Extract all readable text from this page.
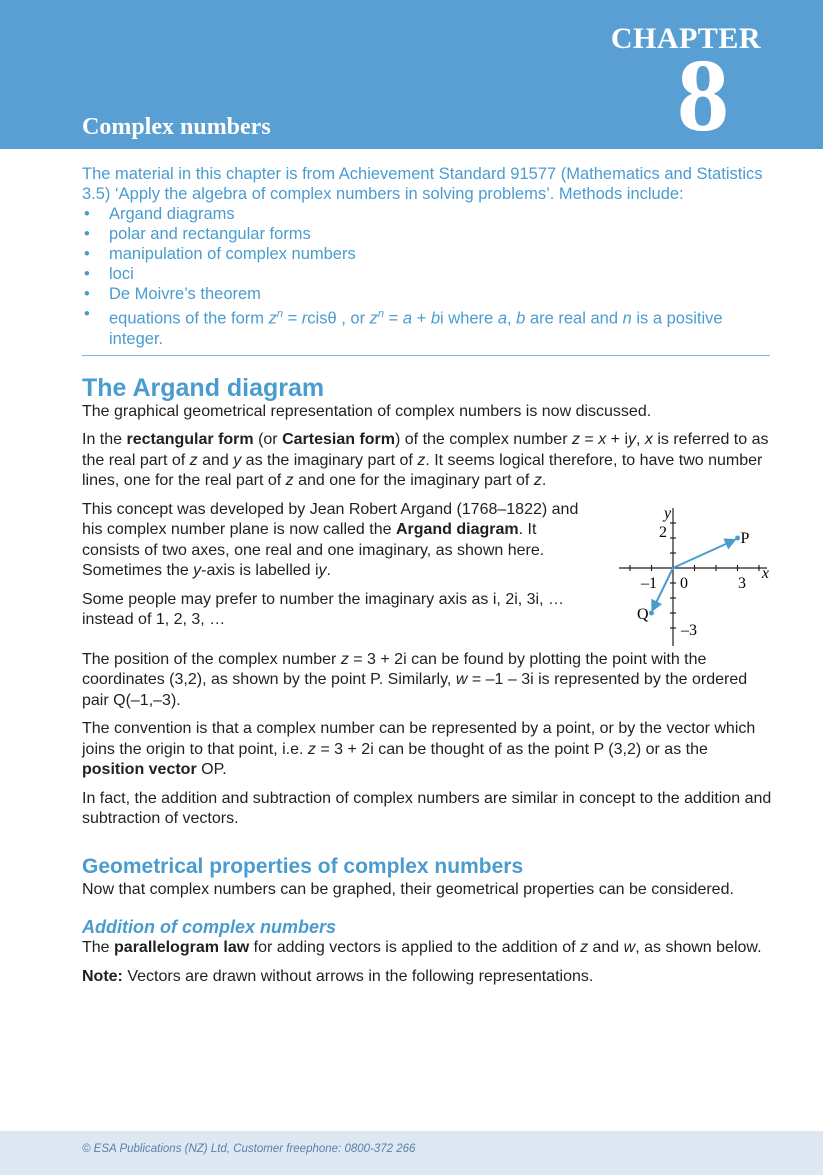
CHAPTER
8
Complex numbers

The material in this chapter is from Achievement Standard 91577 (Mathematics and Statistics 3.5) ‘Apply the algebra of complex numbers in solving problems’. Methods include:

• Argand diagrams
• polar and rectangular forms
• manipulation of complex numbers
• loci
• De Moivre’s theorem
• equations of the form $z^n$ = rcisθ , or $z^n = a$ + bi where a, b are real and n is a positive integer.
The Argand diagram

The graphical geometrical representation of complex numbers is now discussed.

In the rectangular form (or Cartesian form) of the complex number z = x + iy, x is referred to as the real part of z and y as the imaginary part of z. It seems logical therefore, to have two number lines, one for the real part of z and one for the imaginary part of z.

This concept was developed by Jean Robert Argand (1768–1822) and his complex number plane is now called the Argand diagram. It consists of two axes, one real and one imaginary, as shown here. Sometimes the y-axis is labelled iy.

Some people may prefer to number the imaginary axis as i, 2i, 3i, … instead of 1, 2, 3, …

y
x
2
–1 0	3
–3
P
Q

The position of the complex number z = 3 + 2i can be found by plotting the point with the coordinates (3,2), as shown by the point P. Similarly, w = –1 – 3i is represented by the ordered pair Q(–1,–3).

The convention is that a complex number can be represented by a point, or by the vector which joins the origin to that point, i.e. z = 3 + 2i can be thought of as the point P (3,2) or as the position vector OP.

In fact, the addition and subtraction of complex numbers are similar in concept to the addition and subtraction of vectors.

Geometrical properties of complex numbers

Now that complex numbers can be graphed, their geometrical properties can be considered.

Addition of complex numbers

The parallelogram law for adding vectors is applied to the addition of z and w, as shown below.

Note: Vectors are drawn without arrows in the following representations.

© ESA Publications (NZ) Ltd, Customer freephone: 0800-372 266
